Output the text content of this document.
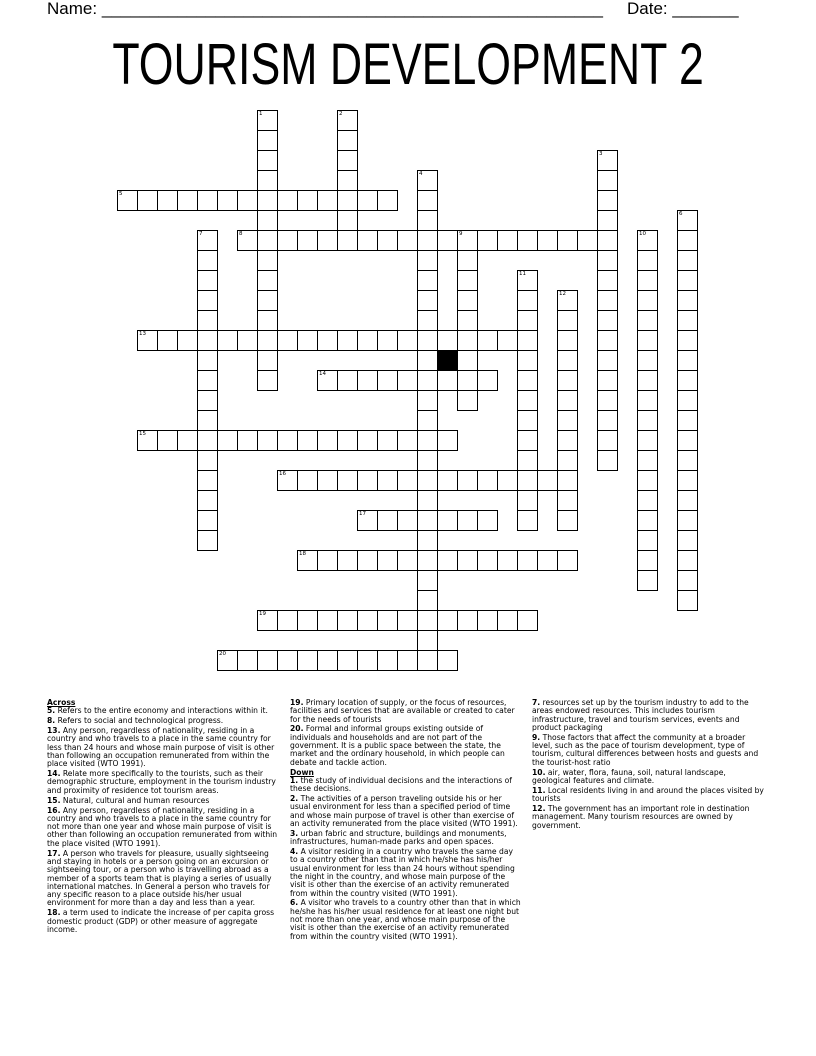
Name: _____________________________________________________ Date: _______
TOURISM DEVELOPMENT 2
1	2
3
4
5
6
7	8	9	10
11
12
13
14
15
16
17
18
19
20
Across

5. Refers to the entire economy and interactions within it.

8. Refers to social and technological progress.

13. Any person, regardless of nationality, residing in a country and who travels to a place in the same country for less than 24 hours and whose main purpose of visit is other than following an occupation remunerated from within the place visited (WTO 1991).

14. Relate more specifically to the tourists, such as their demographic structure, employment in the tourism industry and proximity of residence tot tourism areas.

15. Natural, cultural and human resources

16. Any person, regardless of nationality, residing in a country and who travels to a place in the same country for not more than one year and whose main purpose of visit is other than following an occupation remunerated from within the place visited (WTO 1991).

17. A person who travels for pleasure, usually sightseeing and staying in hotels or a person going on an excursion or sightseeing tour, or a person who is travelling abroad as a member of a sports team that is playing a series of usually international matches. In General a person who travels for any specific reason to a place outside his/her usual environment for more than a day and less than a year.

18. a term used to indicate the increase of per capita gross domestic product (GDP) or other measure of aggregate income.

19. Primary location of supply, or the focus of resources, facilities and services that are available or created to cater for the needs of tourists

20. Formal and informal groups existing outside of individuals and households and are not part of the government. It is a public space between the state, the market and the ordinary household, in which people can debate and tackle action.

Down

1. the study of individual decisions and the interactions of these decisions.

2. The activities of a person traveling outside his or her usual environment for less than a specified period of time and whose main purpose of travel is other than exercise of an activity remunerated from the place visited (WTO 1991).

3. urban fabric and structure, buildings and monuments, infrastructures, human-made parks and open spaces.

4. A visitor residing in a country who travels the same day to a country other than that in which he/she has his/her usual environment for less than 24 hours without spending the night in the country, and whose main purpose of the visit is other than the exercise of an activity remunerated from within the country visited (WTO 1991).

6. A visitor who travels to a country other than that in which he/she has his/her usual residence for at least one night but not more than one year, and whose main purpose of the visit is other than the exercise of an activity remunerated from within the country visited (WTO 1991).

7. resources set up by the tourism industry to add to the areas endowed resources. This includes tourism infrastructure, travel and tourism services, events and product packaging

9. Those factors that affect the community at a broader level, such as the pace of tourism development, type of tourism, cultural differences between hosts and guests and the tourist-host ratio

10. air, water, flora, fauna, soil, natural landscape, geological features and climate.

11. Local residents living in and around the places visited by tourists

12. The government has an important role in destination management. Many tourism resources are owned by government.
